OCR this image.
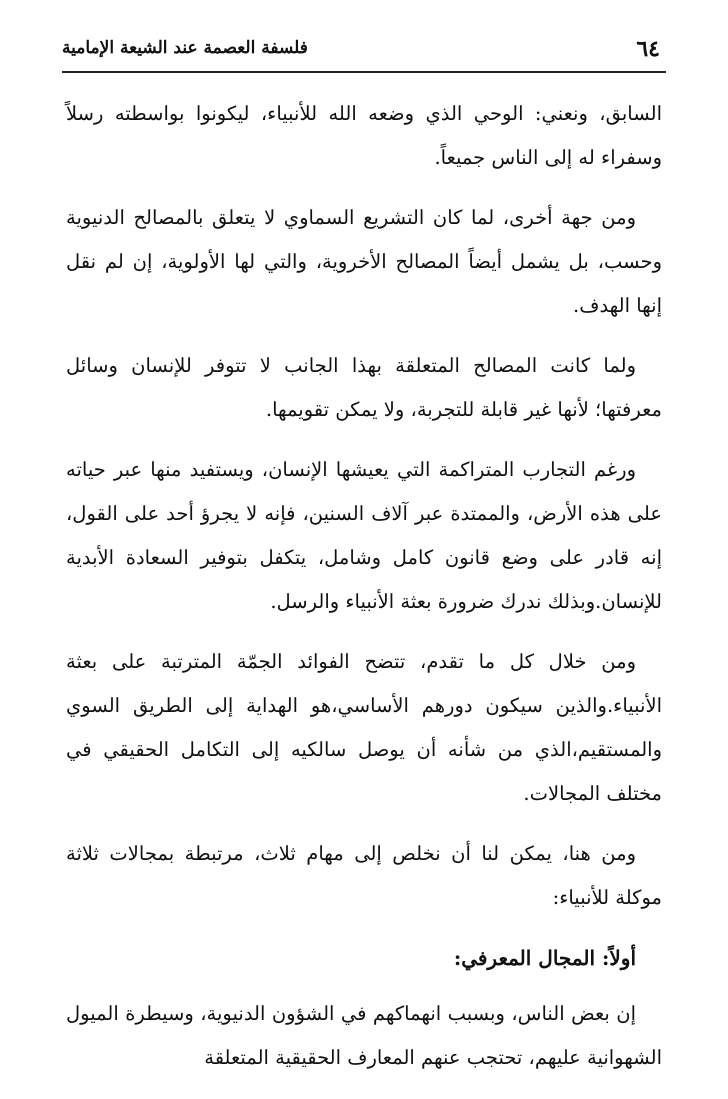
٦٤
فلسفة العصمة عند الشيعة الإمامية

السابق، ونعني: الوحي الذي وضعه الله للأنبياء، ليكونوا بواسطته رسلاً وسفراء له إلى الناس جميعاً.

ومن جهة أخرى، لما كان التشريع السماوي لا يتعلق بالمصالح الدنيوية وحسب، بل يشمل أيضاً المصالح الأخروية، والتي لها الأولوية، إن لم نقل إنها الهدف.

ولما كانت المصالح المتعلقة بهذا الجانب لا تتوفر للإنسان وسائل معرفتها؛ لأنها غير قابلة للتجربة، ولا يمكن تقويمها.

ورغم التجارب المتراكمة التي يعيشها الإنسان، ويستفيد منها عبر حياته على هذه الأرض، والممتدة عبر آلاف السنين، فإنه لا يجرؤ أحد على القول، إنه قادر على وضع قانون كامل وشامل، يتكفل بتوفير السعادة الأبدية للإنسان.وبذلك ندرك ضرورة بعثة الأنبياء والرسل.

ومن خلال كل ما تقدم، تتضح الفوائد الجمّة المترتبة على بعثة الأنبياء.والذين سيكون دورهم الأساسي،هو الهداية إلى الطريق السوي والمستقيم،الذي من شأنه أن يوصل سالكيه إلى التكامل الحقيقي في مختلف المجالات.

ومن هنا، يمكن لنا أن نخلص إلى مهام ثلاث، مرتبطة بمجالات ثلاثة موكلة للأنبياء:

أولاً: المجال المعرفي:

إن بعض الناس، وبسبب انهماكهم في الشؤون الدنيوية، وسيطرة الميول الشهوانية عليهم، تحتجب عنهم المعارف الحقيقية المتعلقة
